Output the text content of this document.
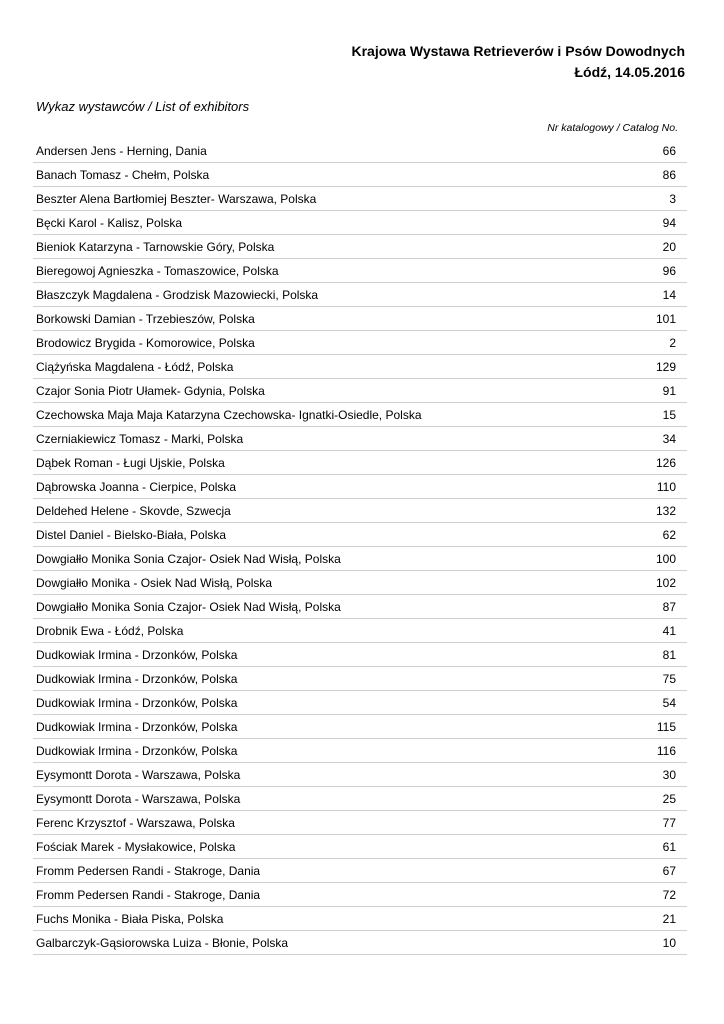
Krajowa Wystawa Retrieverów i Psów Dowodnych
Łódź, 14.05.2016
Wykaz wystawców / List of exhibitors
Nr katalogowy / Catalog No.
Andersen Jens - Herning, Dania	66
Banach Tomasz - Chełm, Polska	86
Beszter Alena Bartłomiej Beszter- Warszawa, Polska	3
Bęcki Karol - Kalisz, Polska	94
Bieniok Katarzyna - Tarnowskie Góry, Polska	20
Bieregowoj Agnieszka - Tomaszowice, Polska	96
Błaszczyk Magdalena - Grodzisk Mazowiecki, Polska	14
Borkowski Damian - Trzebieszów, Polska	101
Brodowicz Brygida - Komorowice, Polska	2
Ciążyńska Magdalena - Łódź, Polska	129
Czajor Sonia Piotr Ułamek- Gdynia, Polska	91
Czechowska Maja Maja Katarzyna Czechowska- Ignatki-Osiedle, Polska	15
Czerniakiewicz Tomasz - Marki, Polska	34
Dąbek Roman - Ługi Ujskie, Polska	126
Dąbrowska Joanna - Cierpice, Polska	110
Deldehed Helene - Skovde, Szwecja	132
Distel Daniel - Bielsko-Biała, Polska	62
Dowgiałło Monika Sonia Czajor- Osiek Nad Wisłą, Polska	100
Dowgiałło Monika - Osiek Nad Wisłą, Polska	102
Dowgiałło Monika Sonia Czajor- Osiek Nad Wisłą, Polska	87
Drobnik Ewa - Łódź, Polska	41
Dudkowiak Irmina - Drzonków, Polska	81
Dudkowiak Irmina - Drzonków, Polska	75
Dudkowiak Irmina - Drzonków, Polska	54
Dudkowiak Irmina - Drzonków, Polska	115
Dudkowiak Irmina - Drzonków, Polska	116
Eysymontt Dorota - Warszawa, Polska	30
Eysymontt Dorota - Warszawa, Polska	25
Ferenc Krzysztof - Warszawa, Polska	77
Fościak Marek - Mysłakowice, Polska	61
Fromm Pedersen Randi - Stakroge, Dania	67
Fromm Pedersen Randi - Stakroge, Dania	72
Fuchs Monika - Biała Piska, Polska	21
Galbarczyk-Gąsiorowska Luiza - Błonie, Polska	10
